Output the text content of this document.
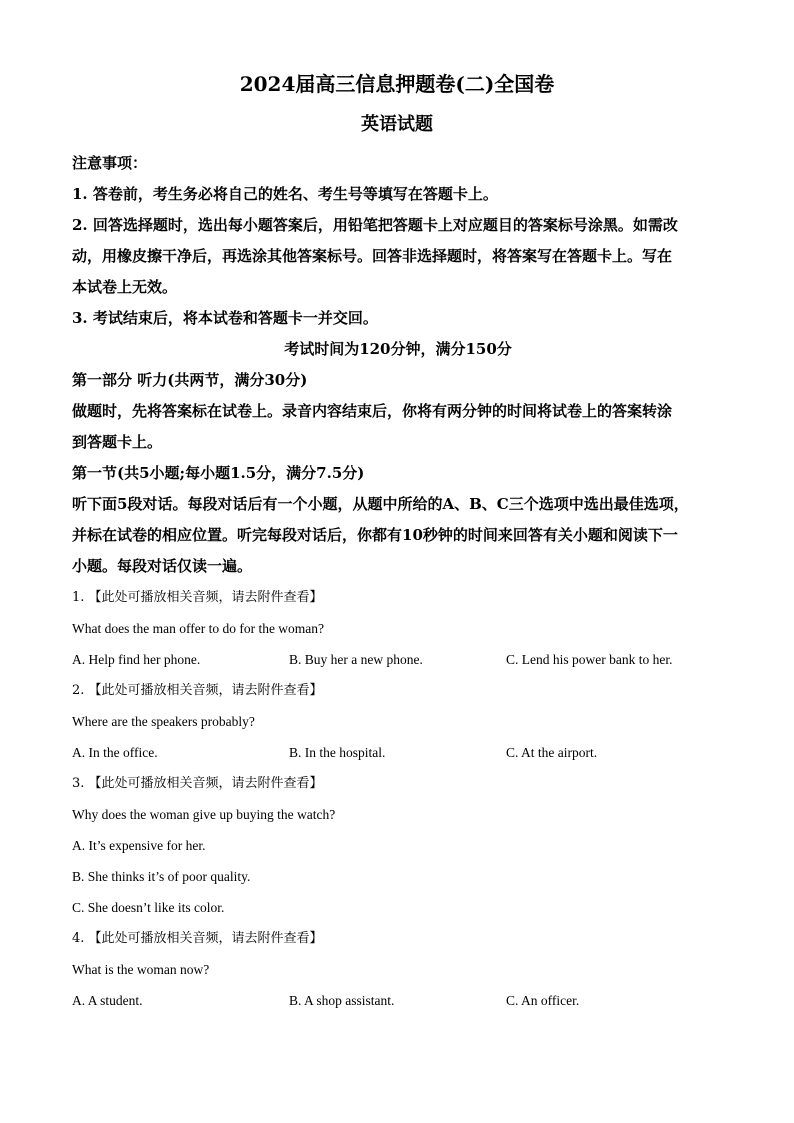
2024届高三信息押题卷(二)全国卷
英语试题
注意事项：
1. 答卷前，考生务必将自己的姓名、考生号等填写在答题卡上。
2. 回答选择题时，选出每小题答案后，用铅笔把答题卡上对应题目的答案标号涂黑。如需改
动，用橡皮擦干净后，再选涂其他答案标号。回答非选择题时，将答案写在答题卡上。写在
本试卷上无效。
3. 考试结束后，将本试卷和答题卡一并交回。
考试时间为120分钟，满分150分
第一部分 听力(共两节，满分30分)
做题时，先将答案标在试卷上。录音内容结束后，你将有两分钟的时间将试卷上的答案转涂
到答题卡上。
第一节(共5小题;每小题1.5分，满分7.5分)
听下面5段对话。每段对话后有一个小题，从题中所给的A、B、C三个选项中选出最佳选项，
并标在试卷的相应位置。听完每段对话后，你都有10秒钟的时间来回答有关小题和阅读下一
小题。每段对话仅读一遍。
1. 【此处可播放相关音频，请去附件查看】
What does the man offer to do for the woman?
A. Help find her phone.	B. Buy her a new phone.	C. Lend his power bank to her.
2. 【此处可播放相关音频，请去附件查看】
Where are the speakers probably?
A. In the office.	B. In the hospital.	C. At the airport.
3. 【此处可播放相关音频，请去附件查看】
Why does the woman give up buying the watch?
A. It’s expensive for her.
B. She thinks it’s of poor quality.
C. She doesn’t like its color.
4. 【此处可播放相关音频，请去附件查看】
What is the woman now?
A. A student.	B. A shop assistant.	C. An officer.
